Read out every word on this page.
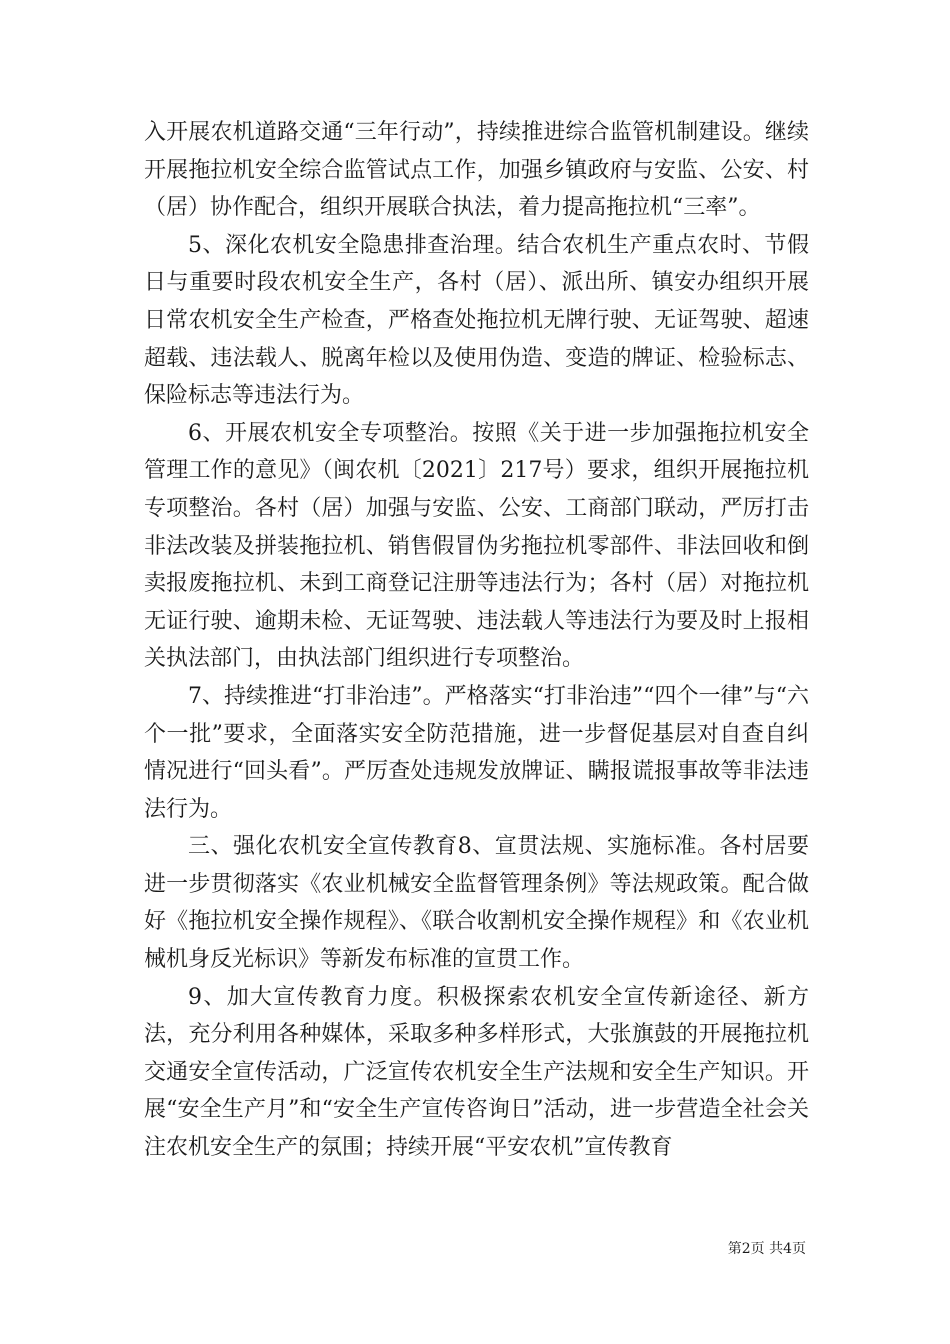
入开展农机道路交通“三年行动”，持续推进综合监管机制建设。继续开展拖拉机安全综合监管试点工作，加强乡镇政府与安监、公安、村（居）协作配合，组织开展联合执法，着力提高拖拉机“三率”。

5、深化农机安全隐患排查治理。结合农机生产重点农时、节假日与重要时段农机安全生产，各村（居）、派出所、镇安办组织开展日常农机安全生产检查，严格查处拖拉机无牌行驶、无证驾驶、超速超载、违法载人、脱离年检以及使用伪造、变造的牌证、检验标志、保险标志等违法行为。

6、开展农机安全专项整治。按照《关于进一步加强拖拉机安全管理工作的意见》（闽农机〔2021〕217号）要求，组织开展拖拉机专项整治。各村（居）加强与安监、公安、工商部门联动，严厉打击非法改装及拼装拖拉机、销售假冒伪劣拖拉机零部件、非法回收和倒卖报废拖拉机、未到工商登记注册等违法行为；各村（居）对拖拉机无证行驶、逾期未检、无证驾驶、违法载人等违法行为要及时上报相关执法部门，由执法部门组织进行专项整治。

7、持续推进“打非治违”。严格落实“打非治违”“四个一律”与“六个一批”要求，全面落实安全防范措施，进一步督促基层对自查自纠情况进行“回头看”。严厉查处违规发放牌证、瞒报谎报事故等非法违法行为。

三、强化农机安全宣传教育8、宣贯法规、实施标准。各村居要进一步贯彻落实《农业机械安全监督管理条例》等法规政策。配合做好《拖拉机安全操作规程》、《联合收割机安全操作规程》和《农业机械机身反光标识》等新发布标准的宣贯工作。

9、加大宣传教育力度。积极探索农机安全宣传新途径、新方法，充分利用各种媒体，采取多种多样形式，大张旗鼓的开展拖拉机交通安全宣传活动，广泛宣传农机安全生产法规和安全生产知识。开展“安全生产月”和“安全生产宣传咨询日”活动，进一步营造全社会关注农机安全生产的氛围；持续开展“平安农机”宣传教育

第2页 共4页
